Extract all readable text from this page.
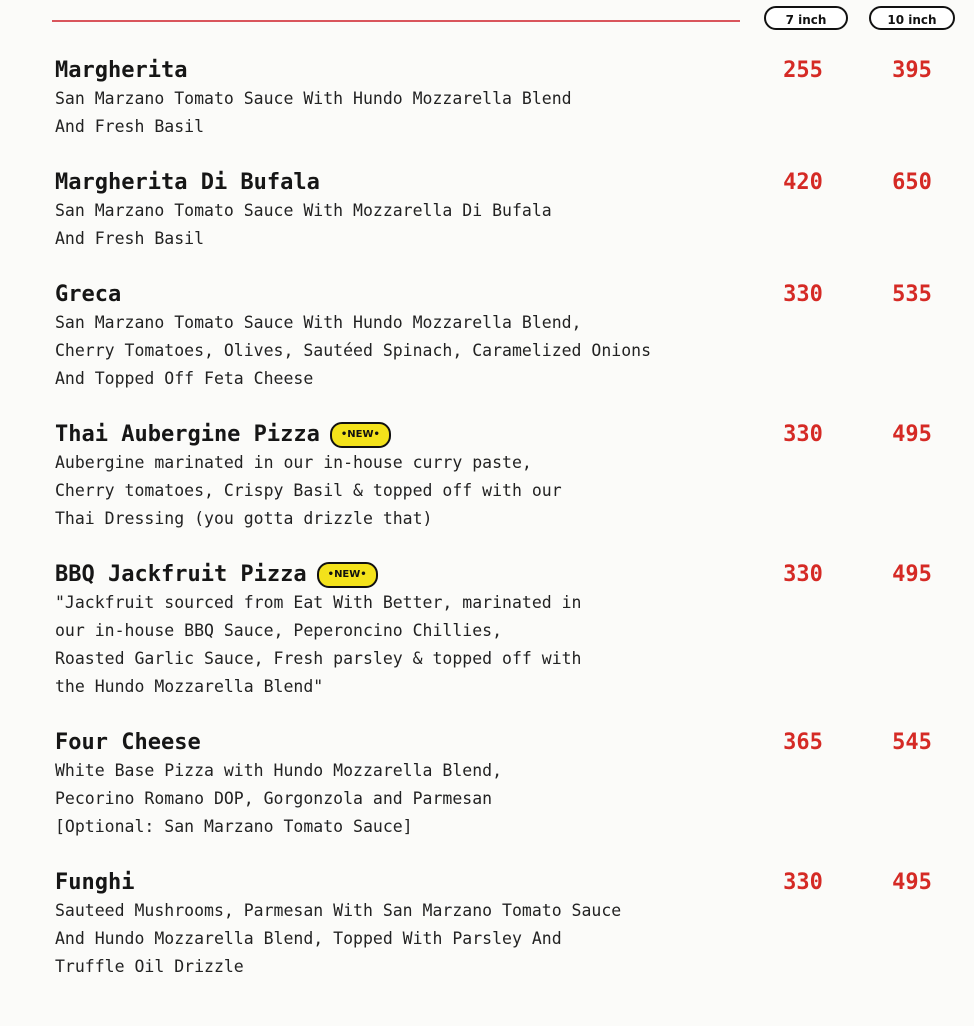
7 inch	10 inch
Margherita	255	395
San Marzano Tomato Sauce With Hundo Mozzarella Blend
And Fresh Basil
Margherita Di Bufala	420	650
San Marzano Tomato Sauce With Mozzarella Di Bufala
And Fresh Basil
Greca	330	535
San Marzano Tomato Sauce With Hundo Mozzarella Blend,
Cherry Tomatoes, Olives, Sautéed Spinach, Caramelized Onions
And Topped Off Feta Cheese
Thai Aubergine Pizza	•NEW•	330	495
Aubergine marinated in our in-house curry paste,
Cherry tomatoes, Crispy Basil & topped off with our
Thai Dressing (you gotta drizzle that)
BBQ Jackfruit Pizza	•NEW•	330	495
"Jackfruit sourced from Eat With Better, marinated in
our in-house BBQ Sauce, Peperoncino Chillies,
Roasted Garlic Sauce, Fresh parsley & topped off with
the Hundo Mozzarella Blend"
Four Cheese	365	545
White Base Pizza with Hundo Mozzarella Blend,
Pecorino Romano DOP, Gorgonzola and Parmesan
[Optional: San Marzano Tomato Sauce]
Funghi	330	495
Sauteed Mushrooms, Parmesan With San Marzano Tomato Sauce
And Hundo Mozzarella Blend, Topped With Parsley And
Truffle Oil Drizzle
